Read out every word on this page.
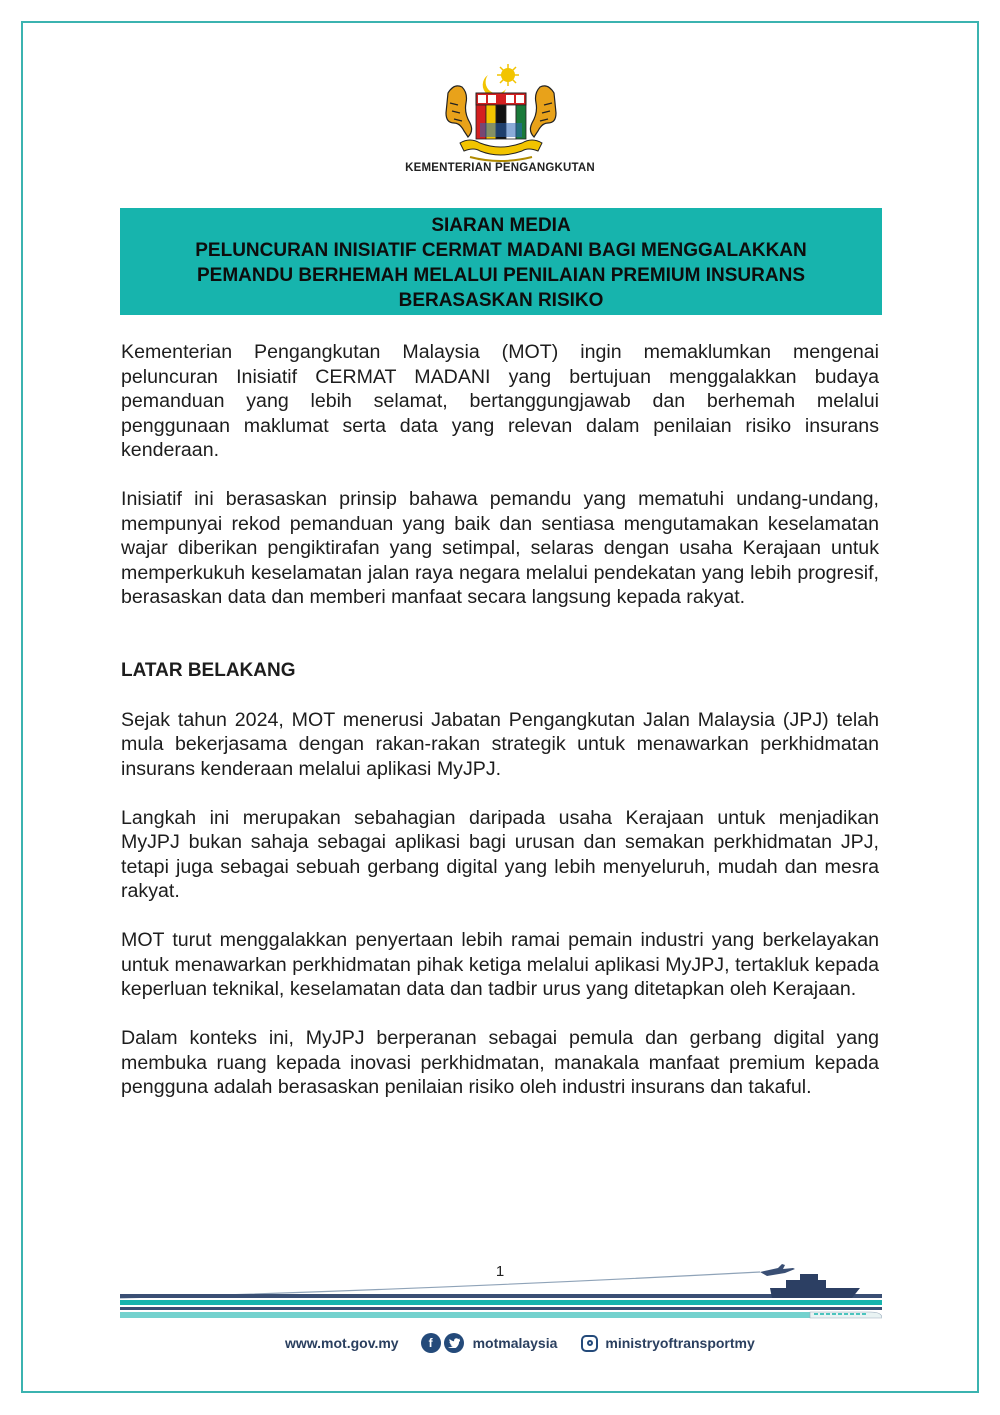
KEMENTERIAN PENGANGKUTAN
SIARAN MEDIA
PELUNCURAN INISIATIF CERMAT MADANI BAGI MENGGALAKKAN
PEMANDU BERHEMAH MELALUI PENILAIAN PREMIUM INSURANS
BERASASKAN RISIKO

Kementerian Pengangkutan Malaysia (MOT) ingin memaklumkan mengenai peluncuran Inisiatif CERMAT MADANI yang bertujuan menggalakkan budaya pemanduan yang lebih selamat, bertanggungjawab dan berhemah melalui penggunaan maklumat serta data yang relevan dalam penilaian risiko insurans kenderaan.

Inisiatif ini berasaskan prinsip bahawa pemandu yang mematuhi undang-undang, mempunyai rekod pemanduan yang baik dan sentiasa mengutamakan keselamatan wajar diberikan pengiktirafan yang setimpal, selaras dengan usaha Kerajaan untuk memperkukuh keselamatan jalan raya negara melalui pendekatan yang lebih progresif, berasaskan data dan memberi manfaat secara langsung kepada rakyat.

LATAR BELAKANG

Sejak tahun 2024, MOT menerusi Jabatan Pengangkutan Jalan Malaysia (JPJ) telah mula bekerjasama dengan rakan-rakan strategik untuk menawarkan perkhidmatan insurans kenderaan melalui aplikasi MyJPJ.

Langkah ini merupakan sebahagian daripada usaha Kerajaan untuk menjadikan MyJPJ bukan sahaja sebagai aplikasi bagi urusan dan semakan perkhidmatan JPJ, tetapi juga sebagai sebuah gerbang digital yang lebih menyeluruh, mudah dan mesra rakyat.

MOT turut menggalakkan penyertaan lebih ramai pemain industri yang berkelayakan untuk menawarkan perkhidmatan pihak ketiga melalui aplikasi MyJPJ, tertakluk kepada keperluan teknikal, keselamatan data dan tadbir urus yang ditetapkan oleh Kerajaan.

Dalam konteks ini, MyJPJ berperanan sebagai pemula dan gerbang digital yang membuka ruang kepada inovasi perkhidmatan, manakala manfaat premium kepada pengguna adalah berasaskan penilaian risiko oleh industri insurans dan takaful.

1
www.mot.gov.my	f	motmalaysia	ministryoftransportmy
